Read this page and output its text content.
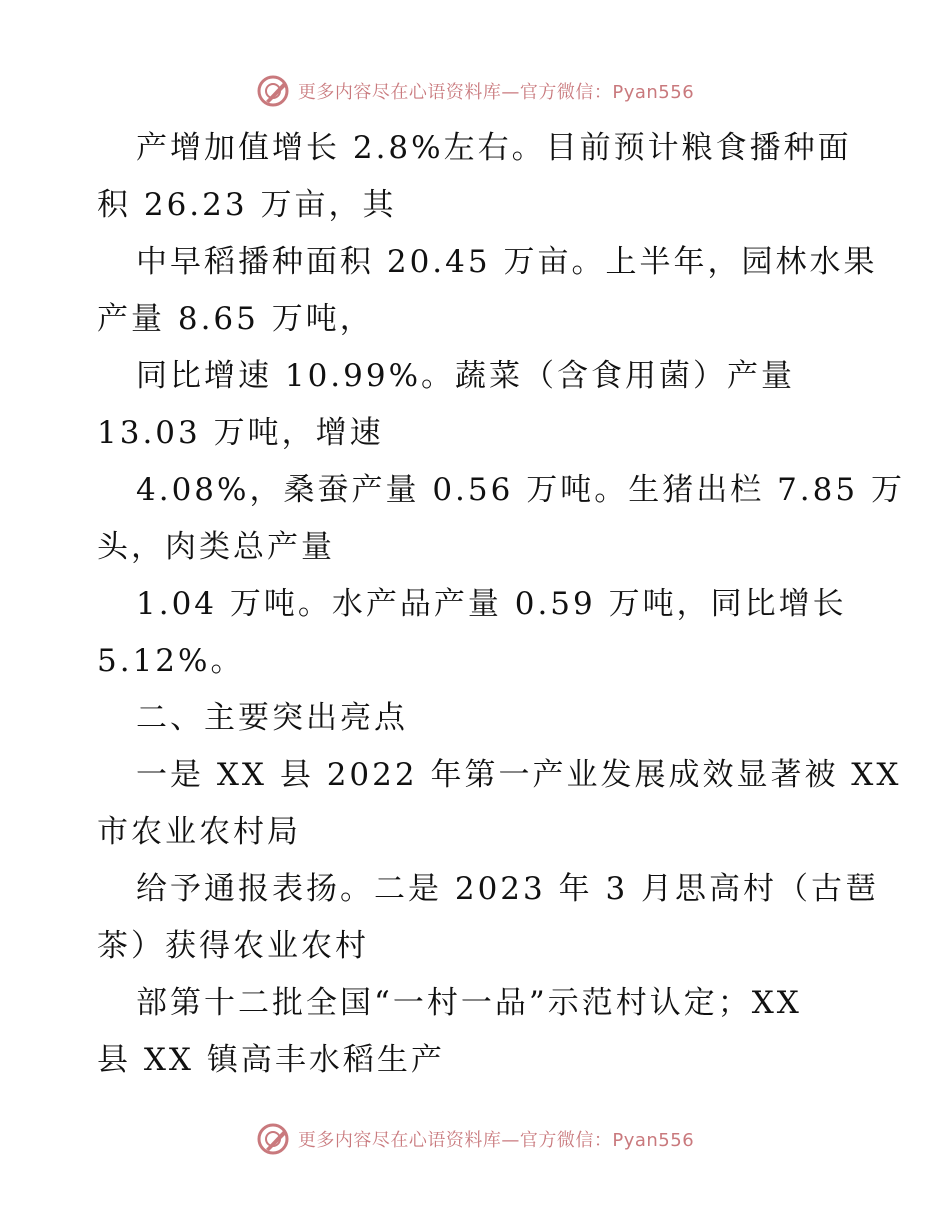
更多内容尽在心语资料库—官方微信：Pyan556
产增加值增长 2.8%左右。目前预计粮食播种面
积 26.23 万亩，其
中早稻播种面积 20.45 万亩。上半年，园林水果
产量 8.65 万吨，
同比增速 10.99%。蔬菜（含食用菌）产量
13.03 万吨，增速
4.08%，桑蚕产量 0.56 万吨。生猪出栏 7.85 万
头，肉类总产量
1.04 万吨。水产品产量 0.59 万吨，同比增长
5.12%。
二、主要突出亮点
一是 XX 县 2022 年第一产业发展成效显著被 XX
市农业农村局
给予通报表扬。二是 2023 年 3 月思高村（古琶
茶）获得农业农村
部第十二批全国“一村一品”示范村认定；XX
县 XX 镇高丰水稻生产
更多内容尽在心语资料库—官方微信：Pyan556
